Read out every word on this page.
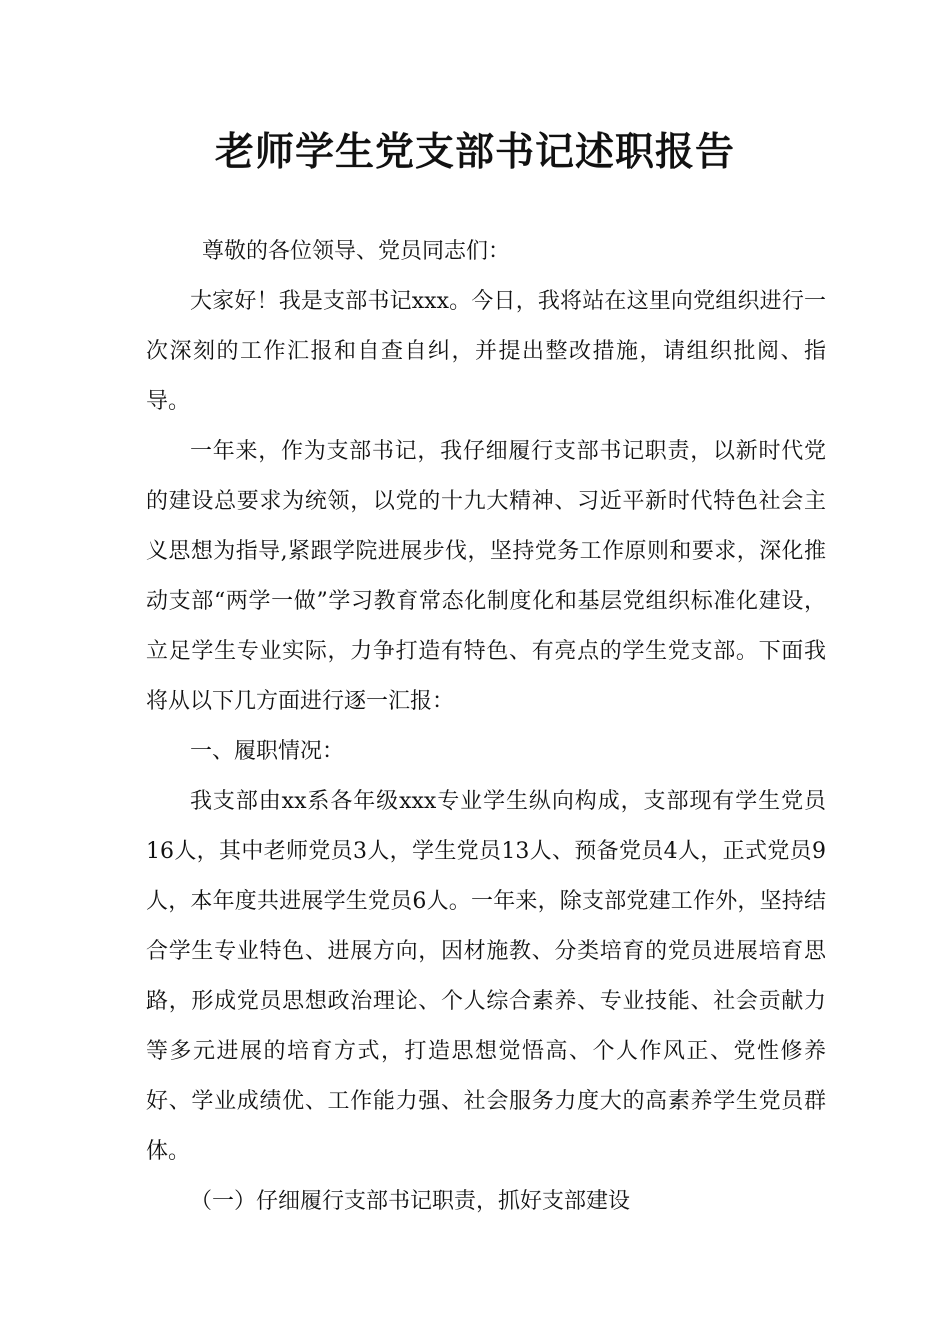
老师学生党支部书记述职报告

尊敬的各位领导、党员同志们：

大家好！我是支部书记xxx。今日，我将站在这里向党组织进行一次深刻的工作汇报和自查自纠，并提出整改措施，请组织批阅、指导。

一年来，作为支部书记，我仔细履行支部书记职责，以新时代党的建设总要求为统领，以党的十九大精神、习近平新时代特色社会主义思想为指导,紧跟学院进展步伐，坚持党务工作原则和要求，深化推动支部“两学一做”学习教育常态化制度化和基层党组织标准化建设，立足学生专业实际，力争打造有特色、有亮点的学生党支部。下面我将从以下几方面进行逐一汇报：

一、履职情况：

我支部由xx系各年级xxx专业学生纵向构成，支部现有学生党员16人，其中老师党员3人，学生党员13人、预备党员4人，正式党员9人，本年度共进展学生党员6人。一年来，除支部党建工作外，坚持结合学生专业特色、进展方向，因材施教、分类培育的党员进展培育思路，形成党员思想政治理论、个人综合素养、专业技能、社会贡献力等多元进展的培育方式，打造思想觉悟高、个人作风正、党性修养好、学业成绩优、工作能力强、社会服务力度大的高素养学生党员群体。

（一）仔细履行支部书记职责，抓好支部建设
